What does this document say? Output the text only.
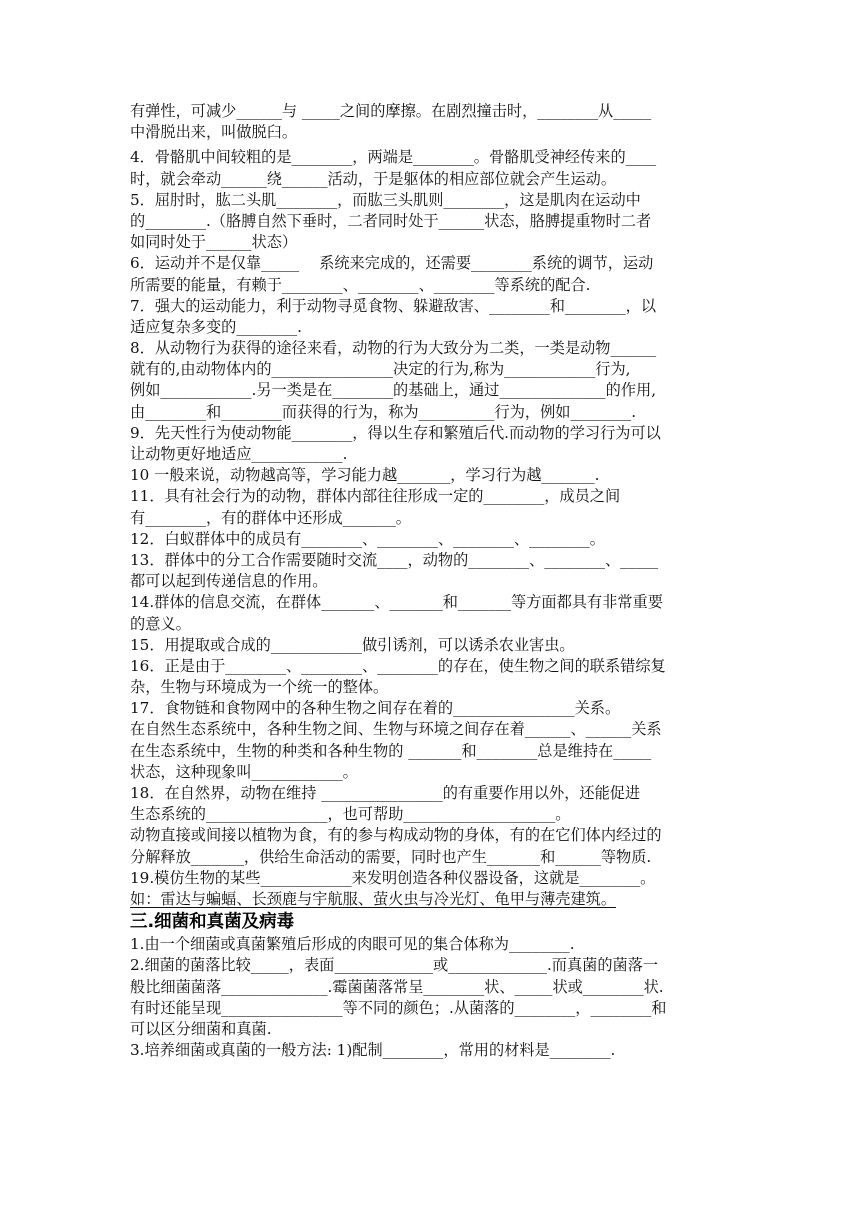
有弹性，可减少______与 _____之间的摩擦。在剧烈撞击时，________从_____
中滑脱出来，叫做脱臼。
4．骨骼肌中间较粗的是________，两端是________。骨骼肌受神经传来的____
时，就会牵动______绕______活动，于是躯体的相应部位就会产生运动。
5．屈肘时，肱二头肌________，而肱三头肌则________，这是肌肉在运动中
的________.（胳膊自然下垂时，二者同时处于______状态，胳膊提重物时二者
如同时处于______状态）
6．运动并不是仅靠_____　 系统来完成的，还需要________系统的调节，运动
所需要的能量，有赖于________、________、________等系统的配合.
7．强大的运动能力，利于动物寻觅食物、躲避敌害、________和________，以
适应复杂多变的________.
8．从动物行为获得的途径来看，动物的行为大致分为二类，一类是动物______
就有的,由动物体内的________________决定的行为,称为____________行为,
例如____________.另一类是在________的基础上，通过______________的作用,
由________和________而获得的行为，称为__________行为，例如________.
9．先天性行为使动物能________，得以生存和繁殖后代.而动物的学习行为可以
让动物更好地适应____________.
10 一般来说，动物越高等，学习能力越_______，学习行为越_______.
11．具有社会行为的动物，群体内部往往形成一定的________，成员之间
有________，有的群体中还形成_______。
12．白蚁群体中的成员有________、________、________、________。
13．群体中的分工合作需要随时交流____，动物的________、________、_____
都可以起到传递信息的作用。
14.群体的信息交流，在群体_______、_______和_______等方面都具有非常重要
的意义。
15．用提取或合成的____________做引诱剂，可以诱杀农业害虫。
16．正是由于________、________、________的存在，使生物之间的联系错综复
杂，生物与环境成为一个统一的整体。
17．食物链和食物网中的各种生物之间存在着的________________关系。
在自然生态系统中，各种生物之间、生物与环境之间存在着______、______关系
在生态系统中，生物的种类和各种生物的 _______和________总是维持在_____
状态，这种现象叫____________。
18．在自然界，动物在维持 ________________的有重要作用以外，还能促进
生态系统的________________，也可帮助____________________。
动物直接或间接以植物为食，有的参与构成动物的身体，有的在它们体内经过的
分解释放_______，供给生命活动的需要，同时也产生_______和______等物质.
19.模仿生物的某些____________来发明创造各种仪器设备，这就是________。
如：雷达与蝙蝠、长颈鹿与宇航服、萤火虫与冷光灯、龟甲与薄壳建筑。
三.细菌和真菌及病毒
1.由一个细菌或真菌繁殖后形成的肉眼可见的集合体称为________.
2.细菌的菌落比较_____，表面_____________或_____________.而真菌的菌落一
般比细菌菌落______________.霉菌菌落常呈________状、_____状或________状.
有时还能呈现________________等不同的颜色；.从菌落的________，________和
可以区分细菌和真菌.
3.培养细菌或真菌的一般方法: 1)配制________，常用的材料是________.
